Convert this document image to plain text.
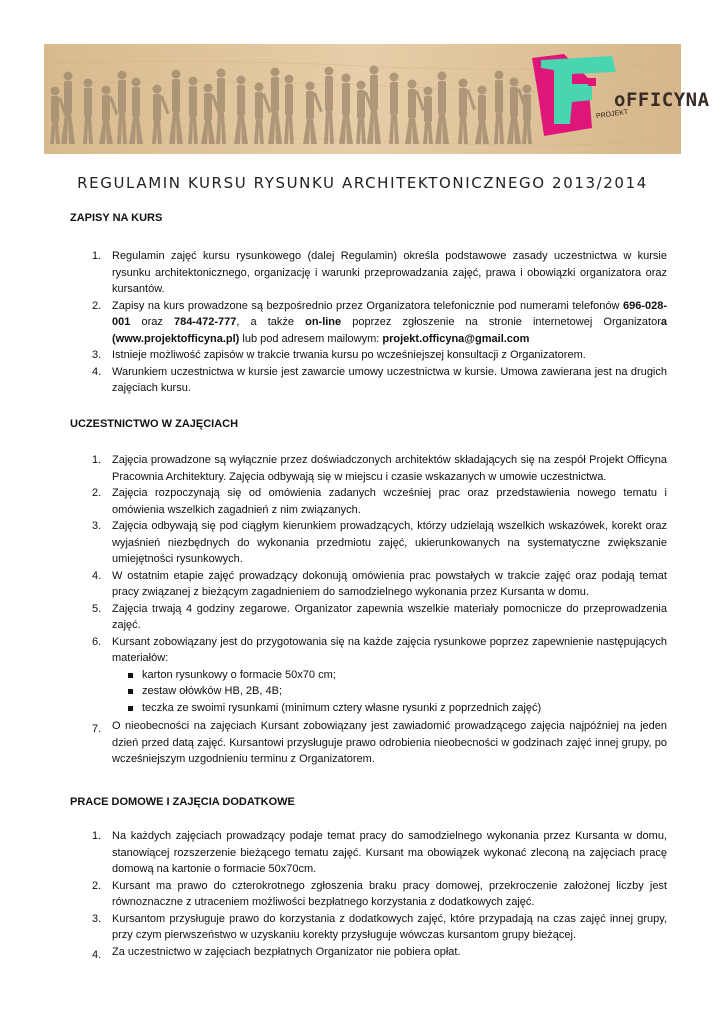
PROJEKT
oFFICYNA
REGULAMIN KURSU RYSUNKU ARCHITEKTONICZNEGO 2013/2014
ZAPISY NA KURS
1. Regulamin zajęć kursu rysunkowego (dalej Regulamin) określa podstawowe zasady uczestnictwa w kursie rysunku architektonicznego, organizację i warunki przeprowadzania zajęć, prawa i obowiązki organizatora oraz kursantów.
2. Zapisy na kurs prowadzone są bezpośrednio przez Organizatora telefonicznie pod numerami telefonów 696-028-001 oraz 784-472-777, a także on-line poprzez zgłoszenie na stronie internetowej Organizatora (www.projektofficyna.pl) lub pod adresem mailowym: projekt.officyna@gmail.com
3. Istnieje możliwość zapisów w trakcie trwania kursu po wcześniejszej konsultacji z Organizatorem.
4. Warunkiem uczestnictwa w kursie jest zawarcie umowy uczestnictwa w kursie. Umowa zawierana jest na drugich zajęciach kursu.
UCZESTNICTWO W ZAJĘCIACH
1. Zajęcia prowadzone są wyłącznie przez doświadczonych architektów składających się na zespół Projekt Officyna Pracownia Architektury. Zajęcia odbywają się w miejscu i czasie wskazanych w umowie uczestnictwa.
2. Zajęcia rozpoczynają się od omówienia zadanych wcześniej prac oraz przedstawienia nowego tematu i omówienia wszelkich zagadnień z nim związanych.
3. Zajęcia odbywają się pod ciągłym kierunkiem prowadzących, którzy udzielają wszelkich wskazówek, korekt oraz wyjaśnień niezbędnych do wykonania przedmiotu zajęć, ukierunkowanych na systematyczne zwiększanie umiejętności rysunkowych.
4. W ostatnim etapie zajęć prowadzący dokonują omówienia prac powstałych w trakcie zajęć oraz podają temat pracy związanej z bieżącym zagadnieniem do samodzielnego wykonania przez Kursanta w domu.
5. Zajęcia trwają 4 godziny zegarowe. Organizator zapewnia wszelkie materiały pomocnicze do przeprowadzenia zajęć.
6. Kursant zobowiązany jest do przygotowania się na każde zajęcia rysunkowe poprzez zapewnienie następujących materiałów:
karton rysunkowy o formacie 50x70 cm;
zestaw ołówków HB, 2B, 4B;
teczka ze swoimi rysunkami (minimum cztery własne rysunki z poprzednich zajęć)
7. O nieobecności na zajęciach Kursant zobowiązany jest zawiadomić prowadzącego zajęcia najpóźniej na jeden dzień przed datą zajęć. Kursantowi przysługuje prawo odrobienia nieobecności w godzinach zajęć innej grupy, po wcześniejszym uzgodnieniu terminu z Organizatorem.
PRACE DOMOWE I ZAJĘCIA DODATKOWE
1. Na każdych zajęciach prowadzący podaje temat pracy do samodzielnego wykonania przez Kursanta w domu, stanowiącej rozszerzenie bieżącego tematu zajęć. Kursant ma obowiązek wykonać zleconą na zajęciach pracę domową na kartonie o formacie 50x70cm.
2. Kursant ma prawo do czterokrotnego zgłoszenia braku pracy domowej, przekroczenie założonej liczby jest równoznaczne z utraceniem możliwości bezpłatnego korzystania z dodatkowych zajęć.
3. Kursantom przysługuje prawo do korzystania z dodatkowych zajęć, które przypadają na czas zajęć innej grupy, przy czym pierwszeństwo w uzyskaniu korekty przysługuje wówczas kursantom grupy bieżącej.
4. Za uczestnictwo w zajęciach bezpłatnych Organizator nie pobiera opłat.
